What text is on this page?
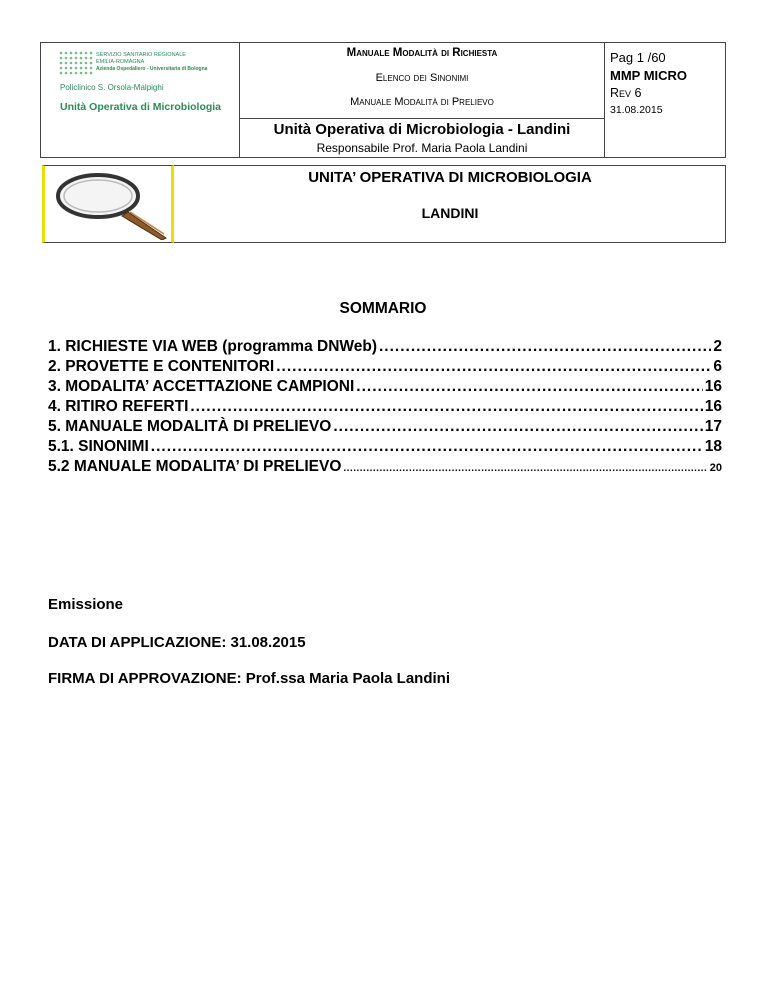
SERVIZIO SANITARIO REGIONALE
EMILIA-ROMAGNA
Azienda Ospedaliero - Universitaria di Bologna
Policlinico S. Orsola-Malpighi
Unità Operativa di Microbiologia
Manuale Modalità di Richiesta
Elenco dei Sinonimi
Manuale Modalità di Prelievo
Pag 1 /60
MMP MICRO
Rev 6
31.08.2015
Unità Operativa di Microbiologia - Landini
Responsabile Prof. Maria Paola Landini
UNITA’ OPERATIVA DI MICROBIOLOGIA
LANDINI
SOMMARIO
1. RICHIESTE VIA WEB (programma DNWeb) .....	2
2. PROVETTE E CONTENITORI .....	6
3. MODALITA’ ACCETTAZIONE CAMPIONI .....	16
4. RITIRO REFERTI .....	16
5. MANUALE MODALITÀ DI PRELIEVO .....	17
5.1. SINONIMI .....	18
5.2 MANUALE MODALITA’ DI PRELIEVO .....	20
Emissione
DATA DI APPLICAZIONE: 31.08.2015
FIRMA DI APPROVAZIONE: Prof.ssa Maria Paola Landini
